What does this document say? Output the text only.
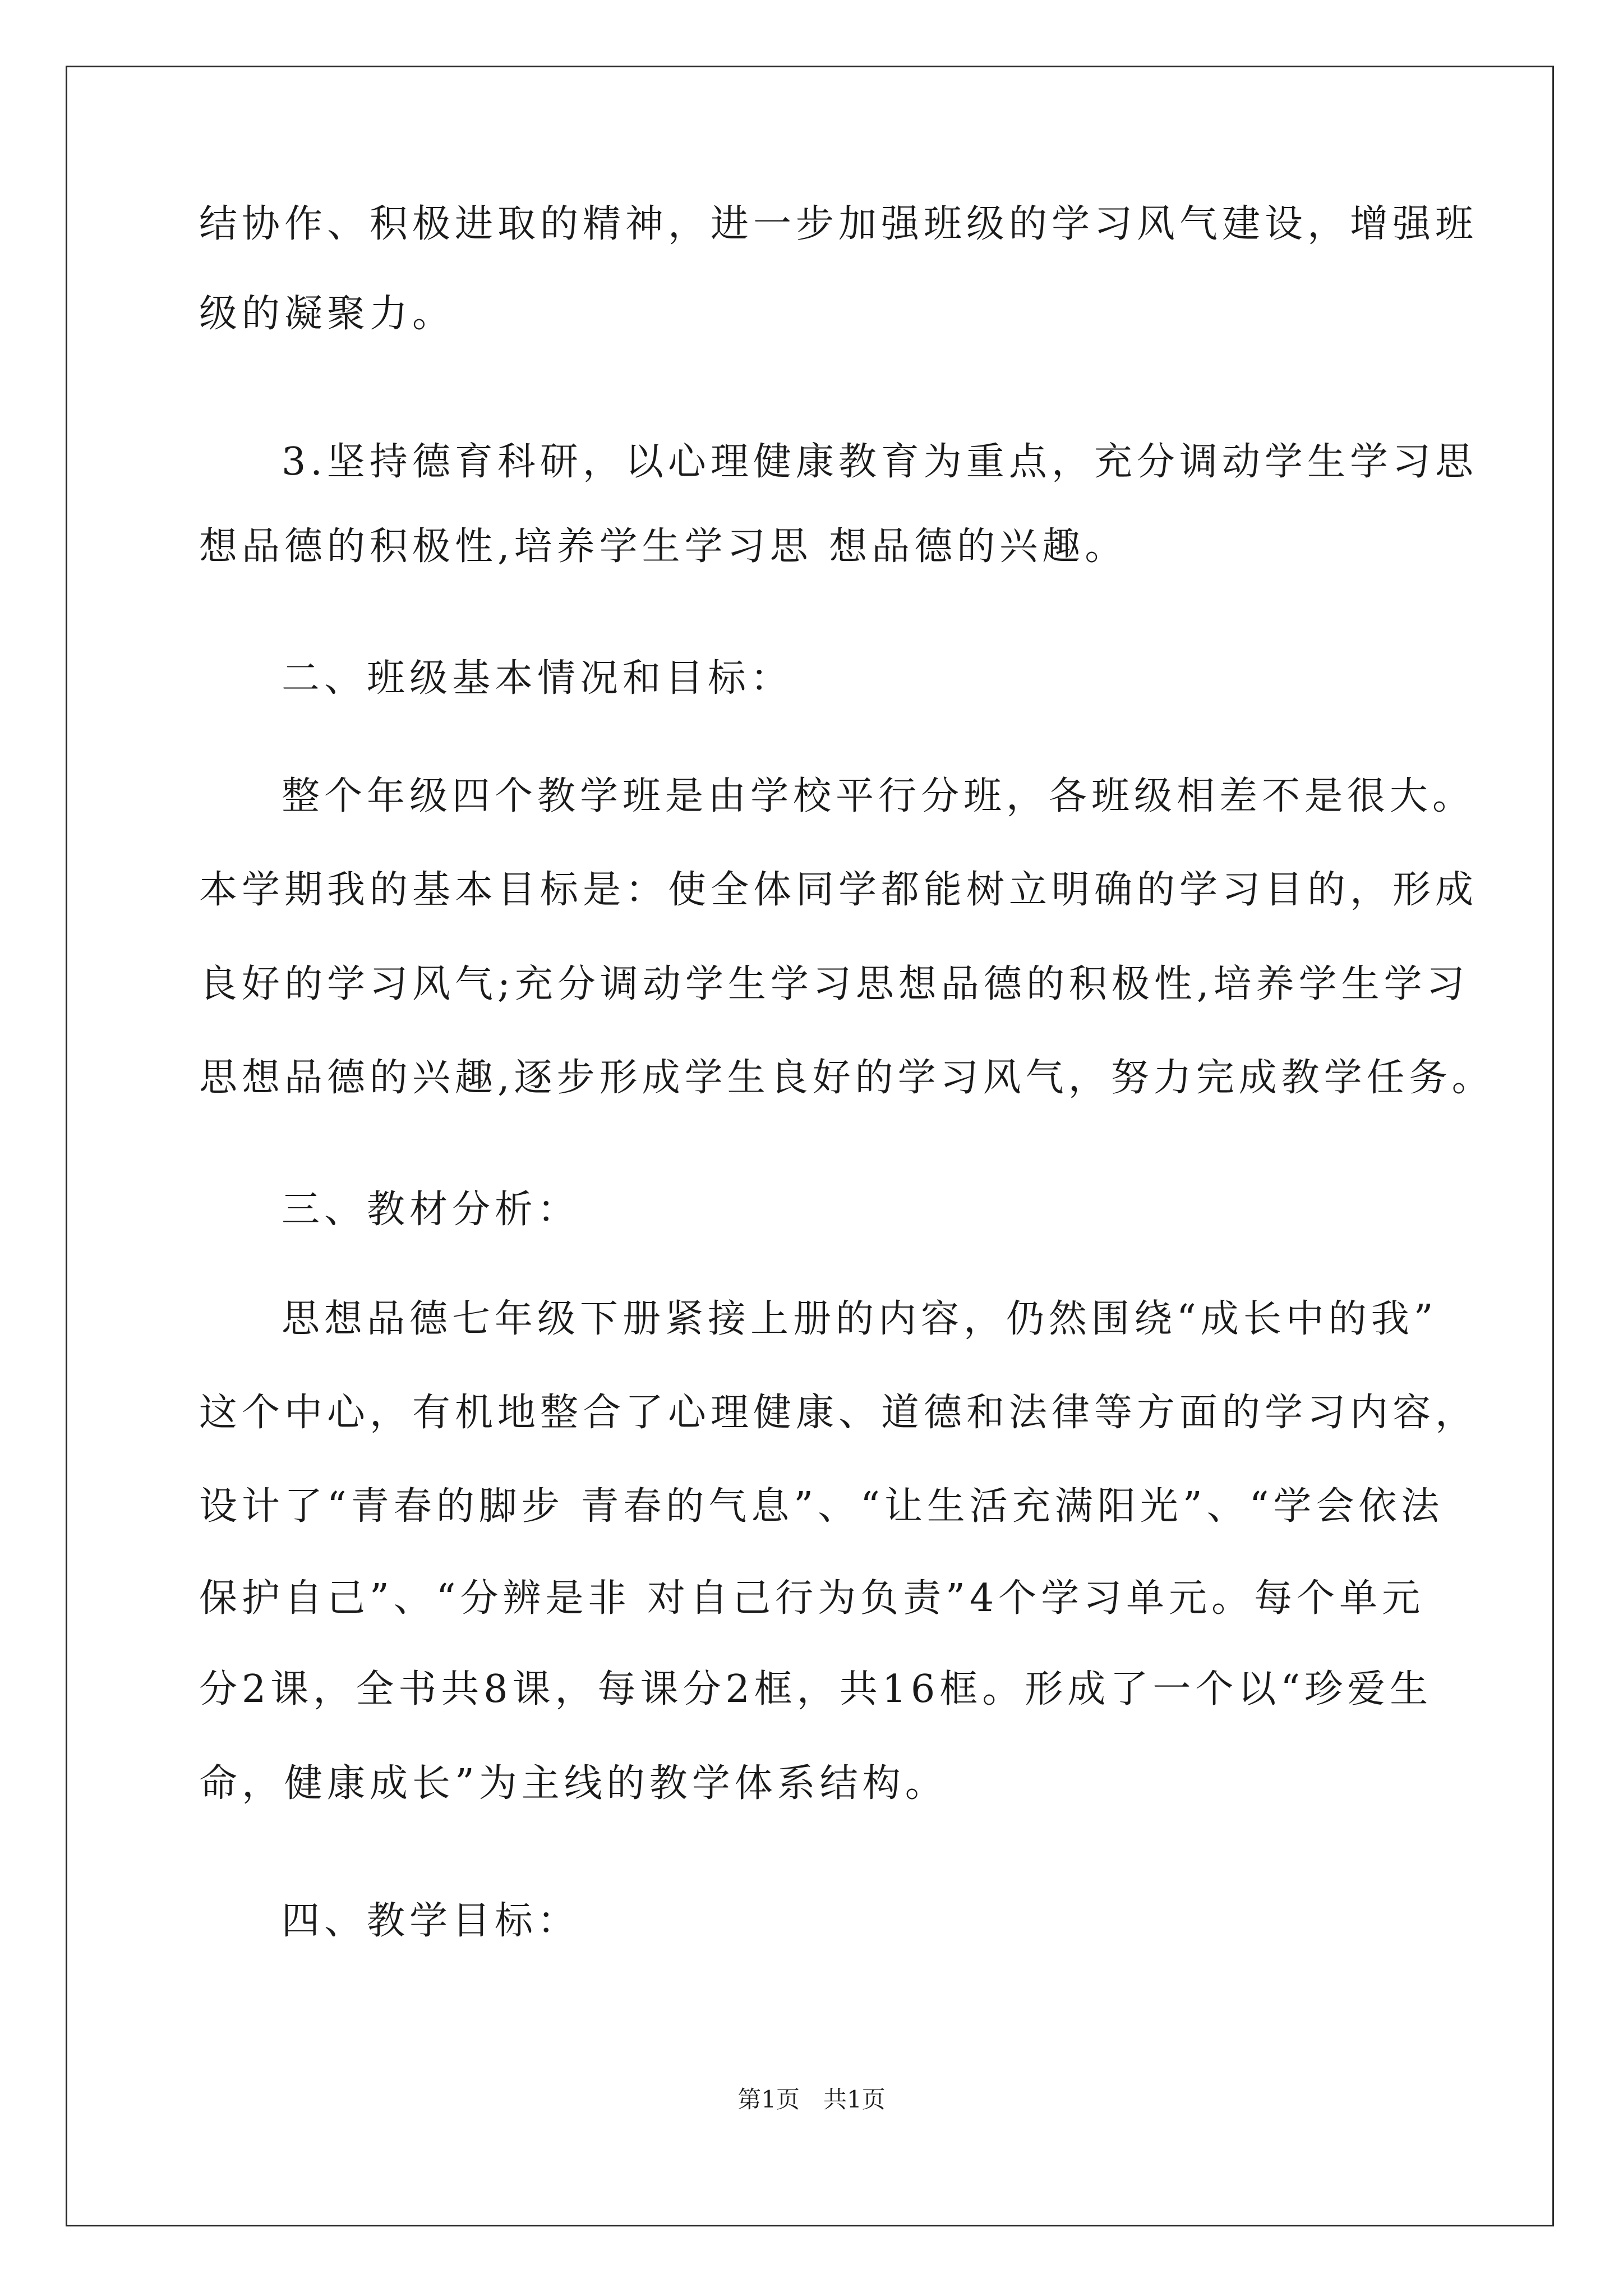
结协作、积极进取的精神，进一步加强班级的学习风气建设，增强班
级的凝聚力。
3.坚持德育科研，以心理健康教育为重点，充分调动学生学习思
想品德的积极性,培养学生学习思 想品德的兴趣。
二、班级基本情况和目标：
整个年级四个教学班是由学校平行分班，各班级相差不是很大。
本学期我的基本目标是：使全体同学都能树立明确的学习目的，形成
良好的学习风气;充分调动学生学习思想品德的积极性,培养学生学习
思想品德的兴趣,逐步形成学生良好的学习风气，努力完成教学任务。
三、教材分析：
思想品德七年级下册紧接上册的内容，仍然围绕“成长中的我”
这个中心，有机地整合了心理健康、道德和法律等方面的学习内容，
设计了“青春的脚步 青春的气息”、“让生活充满阳光”、“学会依法
保护自己”、“分辨是非 对自己行为负责”4个学习单元。每个单元
分2课，全书共8课，每课分2框，共16框。形成了一个以“珍爱生
命，健康成长”为主线的教学体系结构。
四、教学目标：
第1页　共1页
